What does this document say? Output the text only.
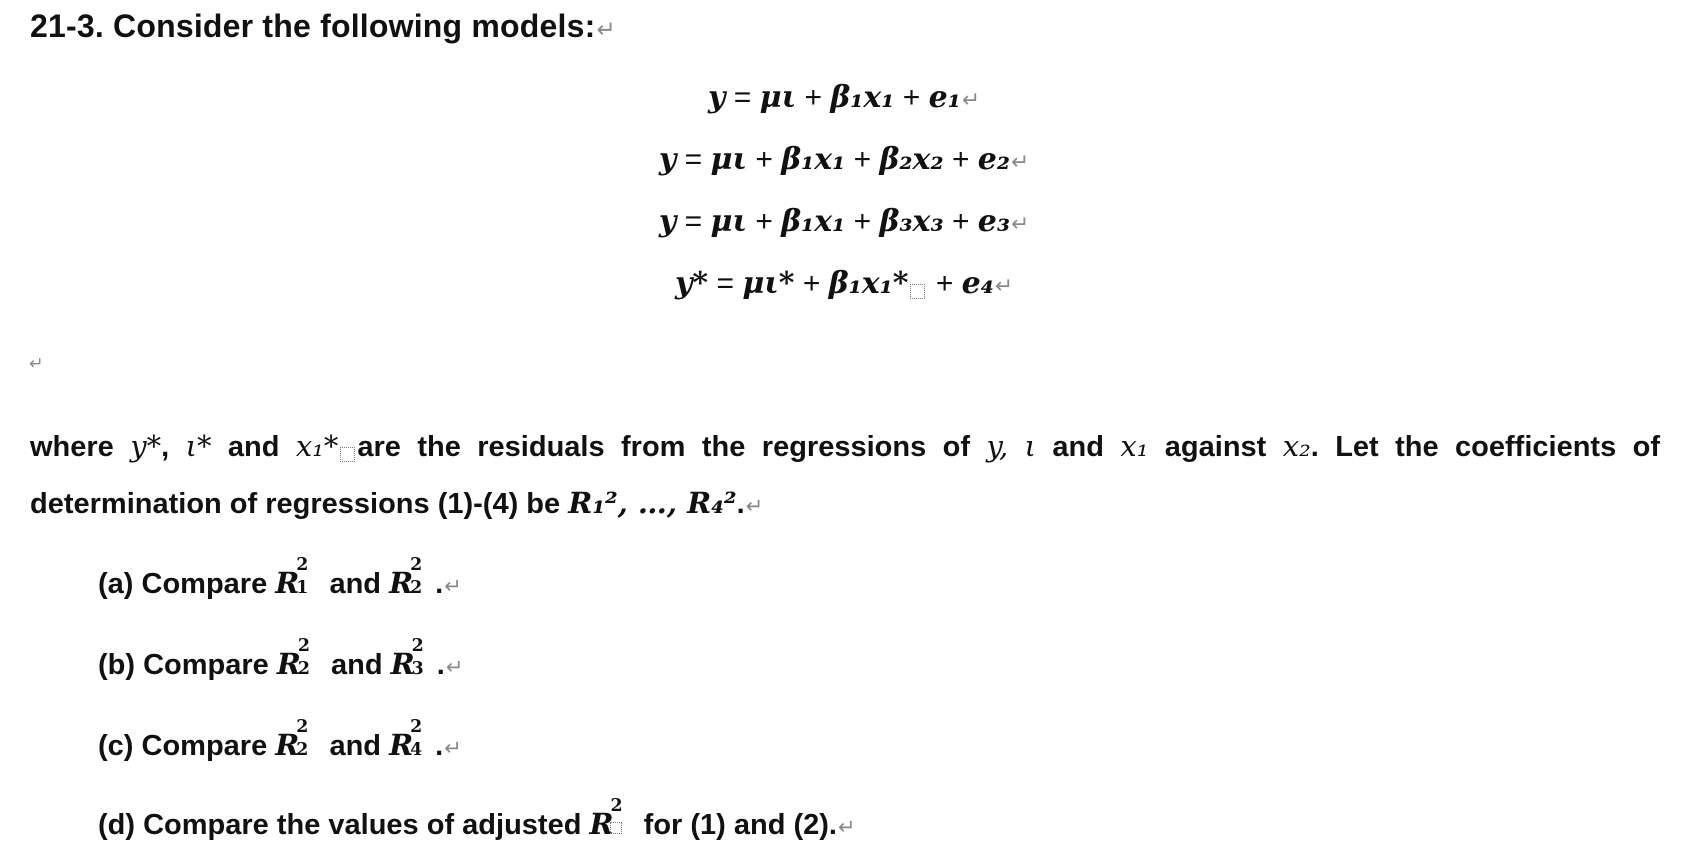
21-3. Consider the following models:↵
y = μι + β₁x₁ + e₁↵
y = μι + β₁x₁ + β₂x₂ + e₂↵
y = μι + β₁x₁ + β₃x₃ + e₃↵
y* = μι* + β₁x₁* + e₄↵
↵
where y*, ι* and x₁* are the residuals from the regressions of y, ι and x₁ against x₂. Let the coefficients of determination of regressions (1)-(4) be R₁², …, R₄².↵
(a) Compare R
2
1 and R
2
2 .↵
(b) Compare R
2
2 and R
2
3 .↵
(c) Compare R
2
2 and R
2
4 .↵
(d) Compare the values of adjusted R
2
for (1) and (2).↵
